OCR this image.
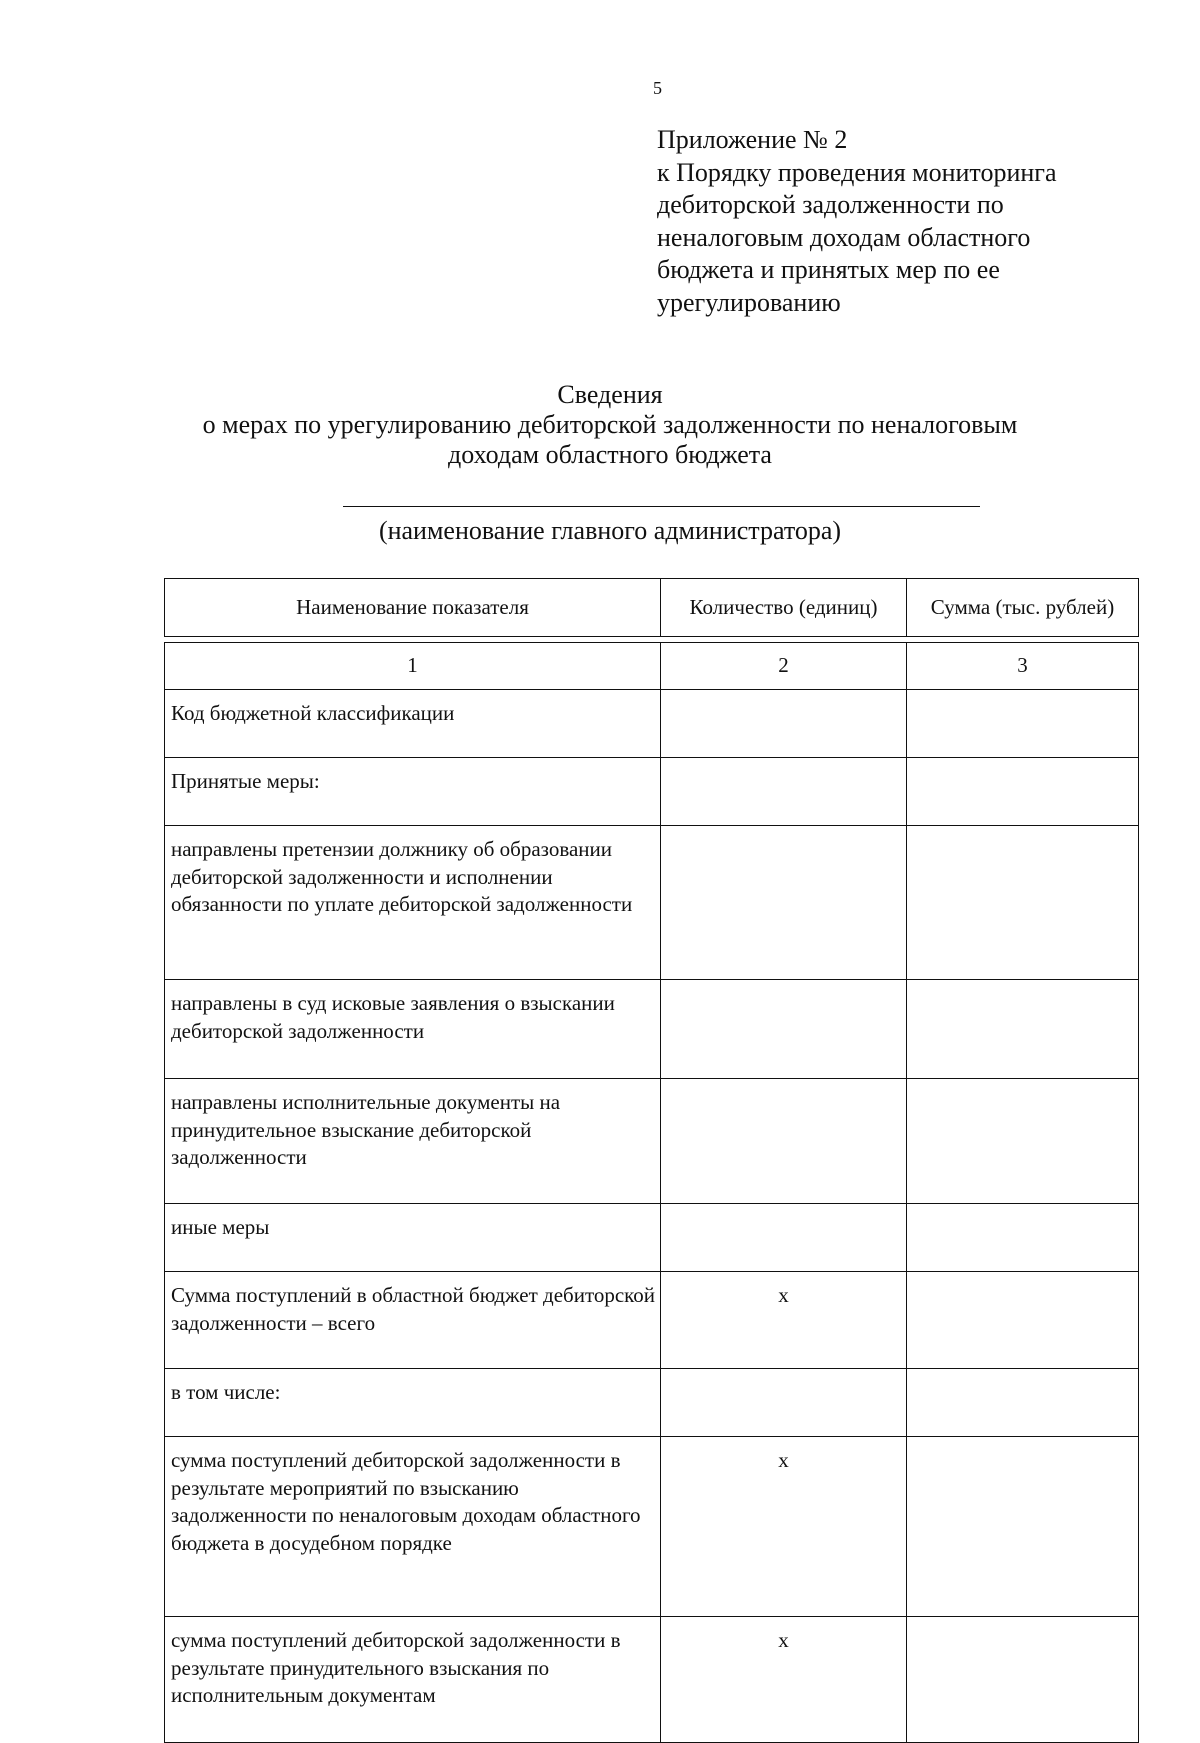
5
Приложение № 2
к Порядку проведения мониторинга
дебиторской задолженности по
неналоговым доходам областного
бюджета и принятых мер по ее
урегулированию
Сведения
о мерах по урегулированию дебиторской задолженности по неналоговым
доходам областного бюджета
(наименование главного администратора)
Наименование показателя	Количество (единиц)	Сумма (тыс. рублей)

1	2	3
Код бюджетной классификации		
Принятые меры:		
направлены претензии должнику об образовании дебиторской задолженности и исполнении обязанности по уплате дебиторской задолженности		
направлены в суд исковые заявления о взыскании дебиторской задолженности		
направлены исполнительные документы на принудительное взыскание дебиторской задолженности		
иные меры		
Сумма поступлений в областной бюджет дебиторской задолженности – всего	x	
в том числе:		
сумма поступлений дебиторской задолженности в результате мероприятий по взысканию задолженности по неналоговым доходам областного бюджета в досудебном порядке	x	
сумма поступлений дебиторской задолженности в результате принудительного взыскания по исполнительным документам	x	
